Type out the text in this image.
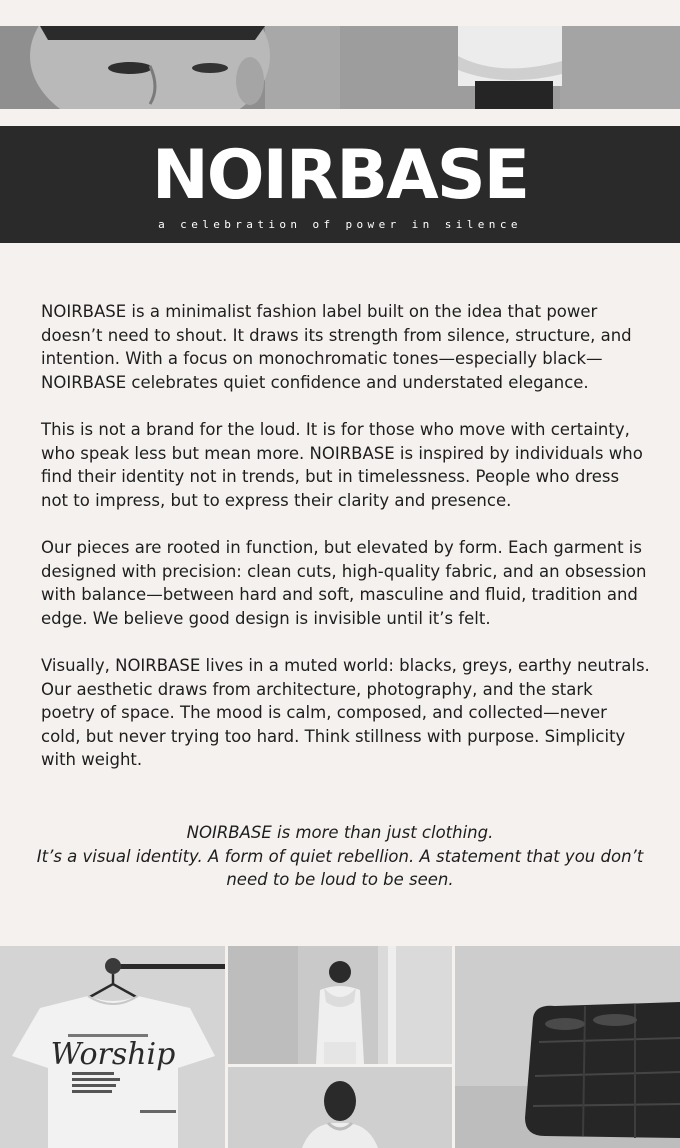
NOIRBASE
a celebration of power in silence

NOIRBASE is a minimalist fashion label built on the idea that power doesn’t need to shout. It draws its strength from silence, structure, and intention. With a focus on monochromatic tones—especially black—NOIRBASE celebrates quiet confidence and understated elegance.

This is not a brand for the loud. It is for those who move with certainty, who speak less but mean more. NOIRBASE is inspired by individuals who find their identity not in trends, but in timelessness. People who dress not to impress, but to express their clarity and presence.

Our pieces are rooted in function, but elevated by form. Each garment is designed with precision: clean cuts, high-quality fabric, and an obsession with balance—between hard and soft, masculine and fluid, tradition and edge. We believe good design is invisible until it’s felt.

Visually, NOIRBASE lives in a muted world: blacks, greys, earthy neutrals. Our aesthetic draws from architecture, photography, and the stark poetry of space. The mood is calm, composed, and collected—never cold, but never trying too hard. Think stillness with purpose. Simplicity with weight.

NOIRBASE is more than just clothing.
It’s a visual identity. A form of quiet rebellion. A statement that you don’t need to be loud to be seen.
Worship
